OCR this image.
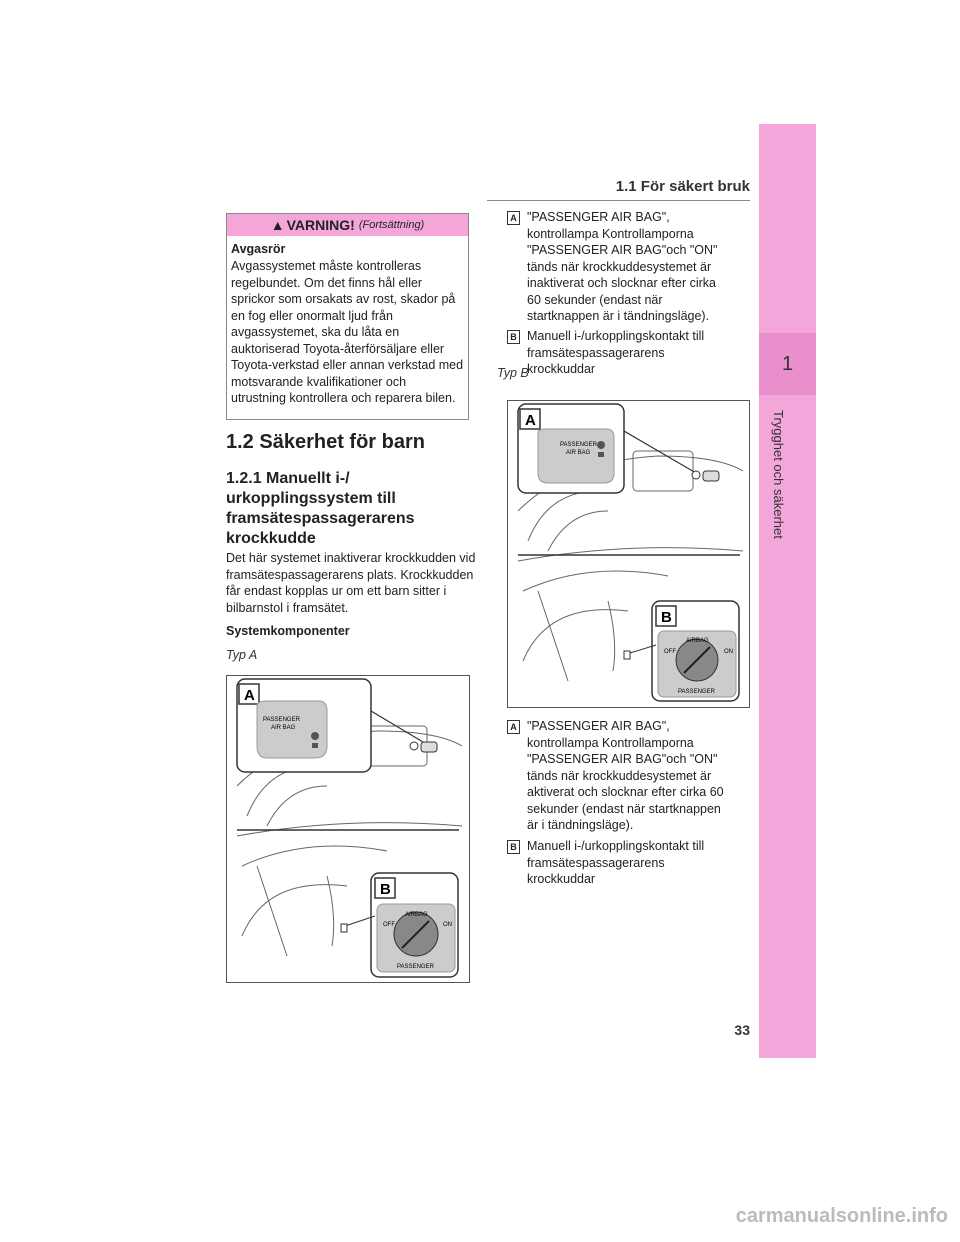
1
Trygghet och säkerhet
1.1 För säkert bruk
▲ VARNING! (Fortsättning)
Avgasrör
Avgassystemet måste kontrolleras regelbundet. Om det finns hål eller sprickor som orsakats av rost, skador på en fog eller onormalt ljud från avgassystemet, ska du låta en auktoriserad Toyota-återförsäljare eller Toyota-verkstad eller annan verkstad med motsvarande kvalifikationer och utrustning kontrollera och reparera bilen.
1.2 Säkerhet för barn
1.2.1 Manuellt i-/ urkopplingssystem till framsätespassagerarens krockkudde
Det här systemet inaktiverar krockkudden vid framsätespassagerarens plats. Krockkudden får endast kopplas ur om ett barn sitter i bilbarnstol i framsätet.
Systemkomponenter
Typ A
A
PASSENGER
AIR BAG
B
AIRBAG
OFF	ON
PASSENGER
A "PASSENGER AIR BAG", kontrollampa Kontrollamporna "PASSENGER AIR BAG"och "ON" tänds när krockkuddesystemet är inaktiverat och slocknar efter cirka 60 sekunder (endast när startknappen är i tändningsläge).
B Manuell i-/urkopplingskontakt till framsätespassagerarens krockkuddar
Typ B
A
PASSENGER
AIR BAG
B
AIRBAG
OFF	ON
PASSENGER
A "PASSENGER AIR BAG", kontrollampa Kontrollamporna "PASSENGER AIR BAG"och "ON" tänds när krockkuddesystemet är aktiverat och slocknar efter cirka 60 sekunder (endast när startknappen är i tändningsläge).
B Manuell i-/urkopplingskontakt till framsätespassagerarens krockkuddar
33
carmanualsonline.info
